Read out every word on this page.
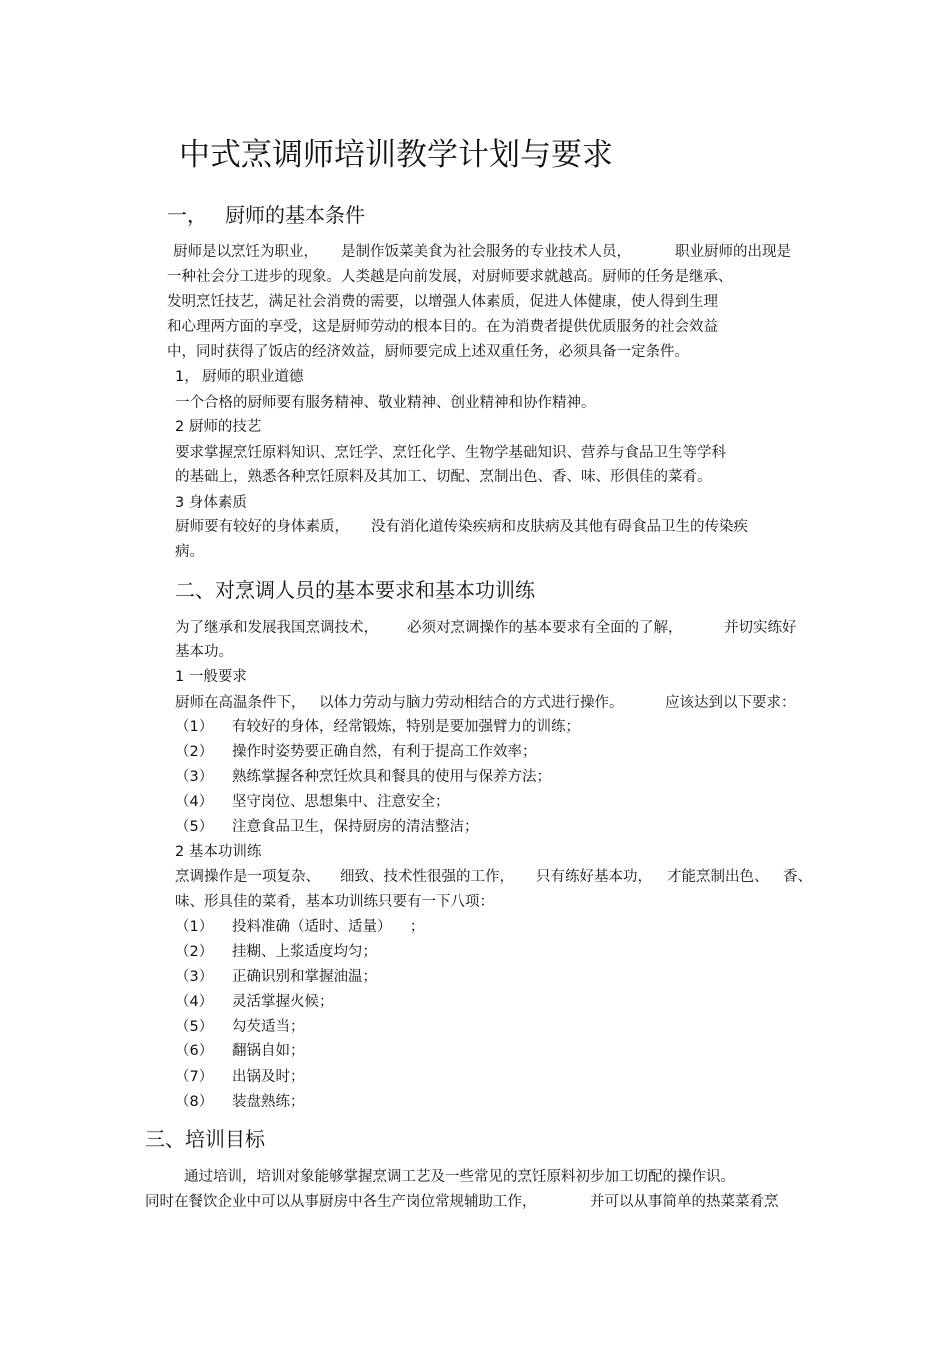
中式烹调师培训教学计划与要求
一， 厨师的基本条件
厨师是以烹饪为职业， 是制作饭菜美食为社会服务的专业技术人员，	职业厨师的出现是
一种社会分工进步的现象。人类越是向前发展，对厨师要求就越高。厨师的任务是继承、
发明烹饪技艺，满足社会消费的需要，以增强人体素质，促进人体健康，使人得到生理
和心理两方面的享受，这是厨师劳动的根本目的。在为消费者提供优质服务的社会效益
中，同时获得了饭店的经济效益，厨师要完成上述双重任务，必须具备一定条件。
1， 厨师的职业道德
一个合格的厨师要有服务精神、敬业精神、创业精神和协作精神。
2 厨师的技艺
要求掌握烹饪原料知识、烹饪学、烹饪化学、生物学基础知识、营养与食品卫生等学科
的基础上，熟悉各种烹饪原料及其加工、切配、烹制出色、香、味、形俱佳的菜肴。
3 身体素质
厨师要有较好的身体素质， 没有消化道传染疾病和皮肤病及其他有碍食品卫生的传染疾
病。
二、对烹调人员的基本要求和基本功训练
为了继承和发展我国烹调技术， 必须对烹调操作的基本要求有全面的了解，	并切实练好
基本功。
1 一般要求
厨师在高温条件下， 以体力劳动与脑力劳动相结合的方式进行操作。	应该达到以下要求：
（1） 有较好的身体，经常锻炼，特别是要加强臂力的训练；
（2） 操作时姿势要正确自然，有利于提高工作效率；
（3） 熟练掌握各种烹饪炊具和餐具的使用与保养方法；
（4） 坚守岗位、思想集中、注意安全；
（5） 注意食品卫生，保持厨房的清洁整洁；
2 基本功训练
烹调操作是一项复杂、 细致、技术性很强的工作， 只有练好基本功， 才能烹制出色、 香、
味、形具佳的菜肴，基本功训练只要有一下八项：
（1） 投料准确（适时、适量）    ；
（2） 挂糊、上浆适度均匀；
（3） 正确识别和掌握油温；
（4） 灵活掌握火候；
（5） 勾芡适当；
（6） 翻锅自如；
（7） 出锅及时；
（8） 装盘熟练；
三、培训目标
通过培训，培训对象能够掌握烹调工艺及一些常见的烹饪原料初步加工切配的操作识。
同时在餐饮企业中可以从事厨房中各生产岗位常规辅助工作，	并可以从事简单的热菜菜肴烹
